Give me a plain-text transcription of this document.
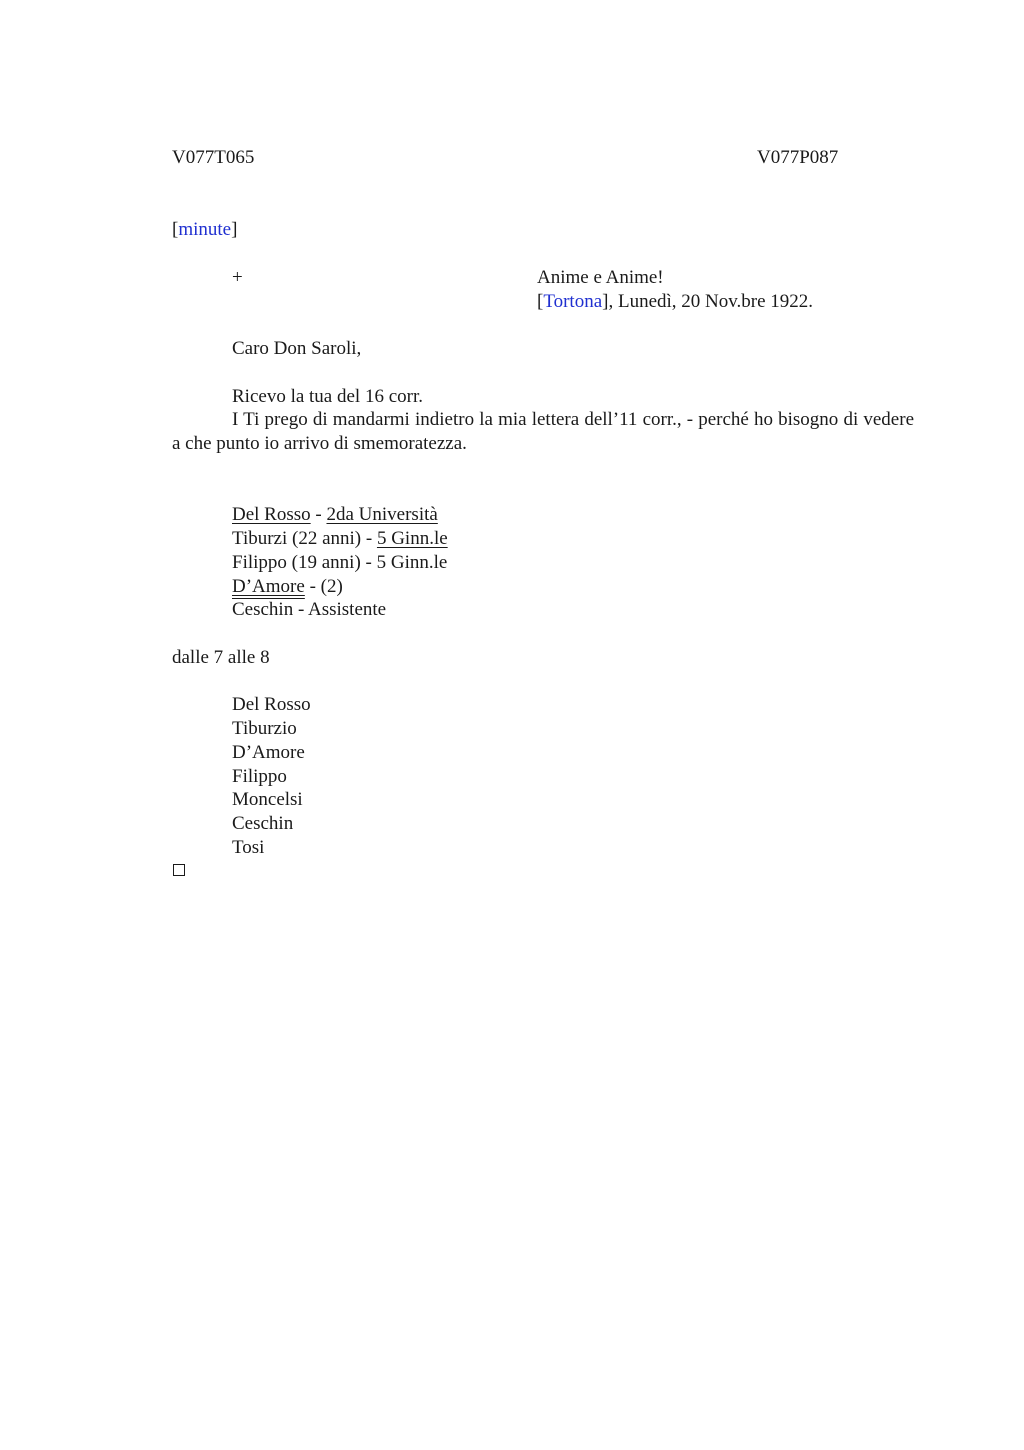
V077T065	V077P087
[minute]
+	Anime e Anime!
[Tortona], Lunedì, 20 Nov.bre 1922.
Caro Don Saroli,
Ricevo la tua del 16 corr.
I Ti prego di mandarmi indietro la mia lettera dell’11 corr., - perché ho bisogno di vedere a che punto io arrivo di smemoratezza.
Del Rosso - 2da Università
Tiburzi (22 anni) - 5 Ginn.le
Filippo (19 anni) - 5 Ginn.le
D’Amore - (2)
Ceschin - Assistente
dalle 7 alle 8
Del Rosso
Tiburzio
D’Amore
Filippo
Moncelsi
Ceschin
Tosi
